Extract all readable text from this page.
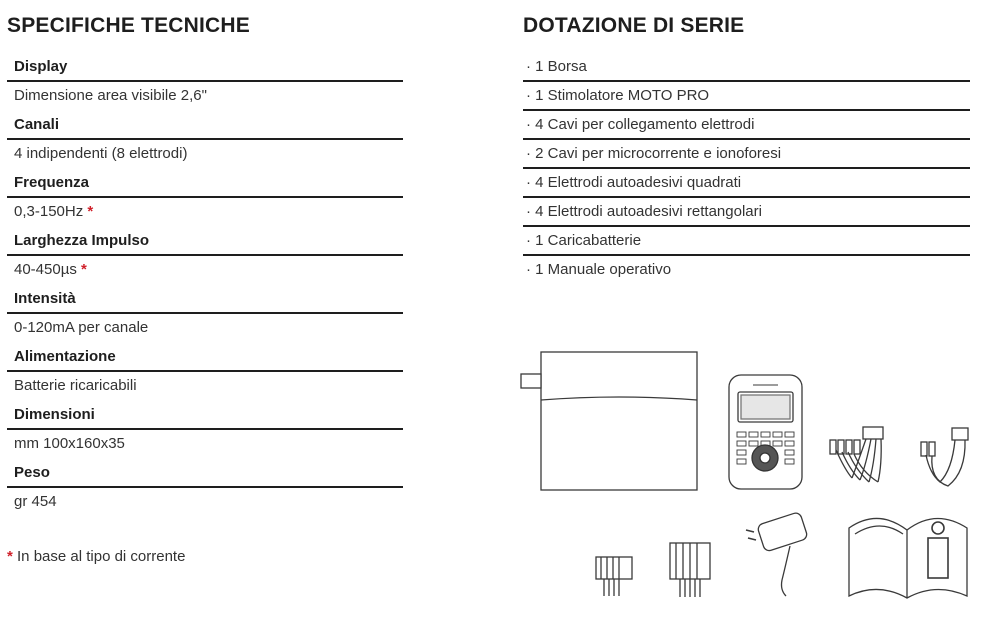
SPECIFICHE TECNICHE
Display
Dimensione area visibile 2,6"
Canali
4 indipendenti (8 elettrodi)
Frequenza
0,3-150Hz *
Larghezza Impulso
40-450µs *
Intensità
0-120mA per canale
Alimentazione
Batterie ricaricabili
Dimensioni
mm 100x160x35
Peso
gr 454
* In base al tipo di corrente
DOTAZIONE DI SERIE
· 1 Borsa
· 1 Stimolatore MOTO PRO
· 4 Cavi per collegamento elettrodi
· 2 Cavi per microcorrente e ionoforesi
· 4 Elettrodi autoadesivi quadrati
· 4 Elettrodi autoadesivi rettangolari
· 1 Caricabatterie
· 1 Manuale operativo
